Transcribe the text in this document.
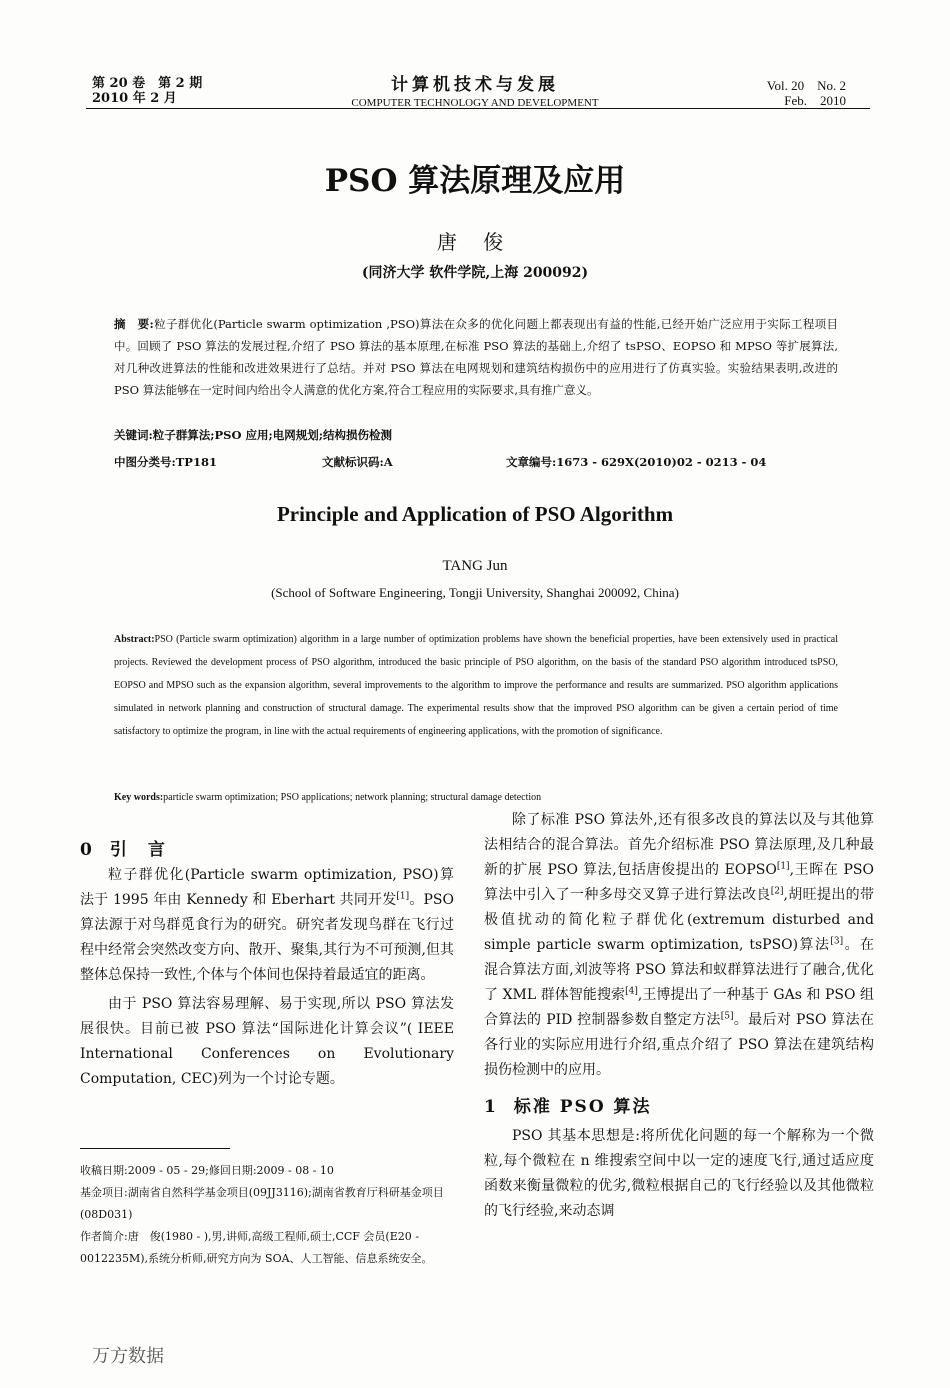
第 20 卷　第 2 期
2010 年 2 月
计算机技术与发展
COMPUTER TECHNOLOGY AND DEVELOPMENT
Vol. 20　No. 2
Feb.　2010
PSO 算法原理及应用
唐 俊
(同济大学 软件学院,上海 200092)
摘　要:粒子群优化(Particle swarm optimization ,PSO)算法在众多的优化问题上都表现出有益的性能,已经开始广泛应用于实际工程项目中。回顾了 PSO 算法的发展过程,介绍了 PSO 算法的基本原理,在标准 PSO 算法的基础上,介绍了 tsPSO、EOPSO 和 MPSO 等扩展算法,对几种改进算法的性能和改进效果进行了总结。并对 PSO 算法在电网规划和建筑结构损伤中的应用进行了仿真实验。实验结果表明,改进的 PSO 算法能够在一定时间内给出令人满意的优化方案,符合工程应用的实际要求,具有推广意义。
关键词:粒子群算法;PSO 应用;电网规划;结构损伤检测
中图分类号:TP181	文献标识码:A	文章编号:1673 - 629X(2010)02 - 0213 - 04
Principle and Application of PSO Algorithm
TANG Jun
(School of Software Engineering, Tongji University, Shanghai 200092, China)
Abstract:PSO (Particle swarm optimization) algorithm in a large number of optimization problems have shown the beneficial properties, have been extensively used in practical projects. Reviewed the development process of PSO algorithm, introduced the basic principle of PSO algorithm, on the basis of the standard PSO algorithm introduced tsPSO, EOPSO and MPSO such as the expansion algorithm, several improvements to the algorithm to improve the performance and results are summarized. PSO algorithm applications simulated in network planning and construction of structural damage. The experimental results show that the improved PSO algorithm can be given a certain period of time satisfactory to optimize the program, in line with the actual requirements of engineering applications, with the promotion of significance.
Key words:particle swarm optimization; PSO applications; network planning; structural damage detection

0 引　言

粒子群优化(Particle swarm optimization, PSO)算法于 1995 年由 Kennedy 和 Eberhart 共同开发[1]。PSO 算法源于对鸟群觅食行为的研究。研究者发现鸟群在飞行过程中经常会突然改变方向、散开、聚集,其行为不可预测,但其整体总保持一致性,个体与个体间也保持着最适宜的距离。

由于 PSO 算法容易理解、易于实现,所以 PSO 算法发展很快。目前已被 PSO 算法“国际进化计算会议”( IEEE International Conferences on Evolutionary Computation, CEC)列为一个讨论专题。

除了标准 PSO 算法外,还有很多改良的算法以及与其他算法相结合的混合算法。首先介绍标准 PSO 算法原理,及几种最新的扩展 PSO 算法,包括唐俊提出的 EOPSO[1],王晖在 PSO 算法中引入了一种多母交叉算子进行算法改良[2],胡旺提出的带极值扰动的简化粒子群优化(extremum disturbed and simple particle swarm optimization, tsPSO)算法[3]。在混合算法方面,刘波等将 PSO 算法和蚁群算法进行了融合,优化了 XML 群体智能搜索[4],王博提出了一种基于 GAs 和 PSO 组合算法的 PID 控制器参数自整定方法[5]。最后对 PSO 算法在各行业的实际应用进行介绍,重点介绍了 PSO 算法在建筑结构损伤检测中的应用。

1 标准 PSO 算法

PSO 其基本思想是:将所优化问题的每一个解称为一个微粒,每个微粒在 n 维搜索空间中以一定的速度飞行,通过适应度函数来衡量微粒的优劣,微粒根据自己的飞行经验以及其他微粒的飞行经验,来动态调

收稿日期:2009 - 05 - 29;修回日期:2009 - 08 - 10
基金项目:湖南省自然科学基金项目(09JJ3116);湖南省教育厅科研基金项目(08D031)
作者简介:唐　俊(1980 - ),男,讲师,高级工程师,硕士,CCF 会员(E20 - 0012235M),系统分析师,研究方向为 SOA、人工智能、信息系统安全。
万方数据
